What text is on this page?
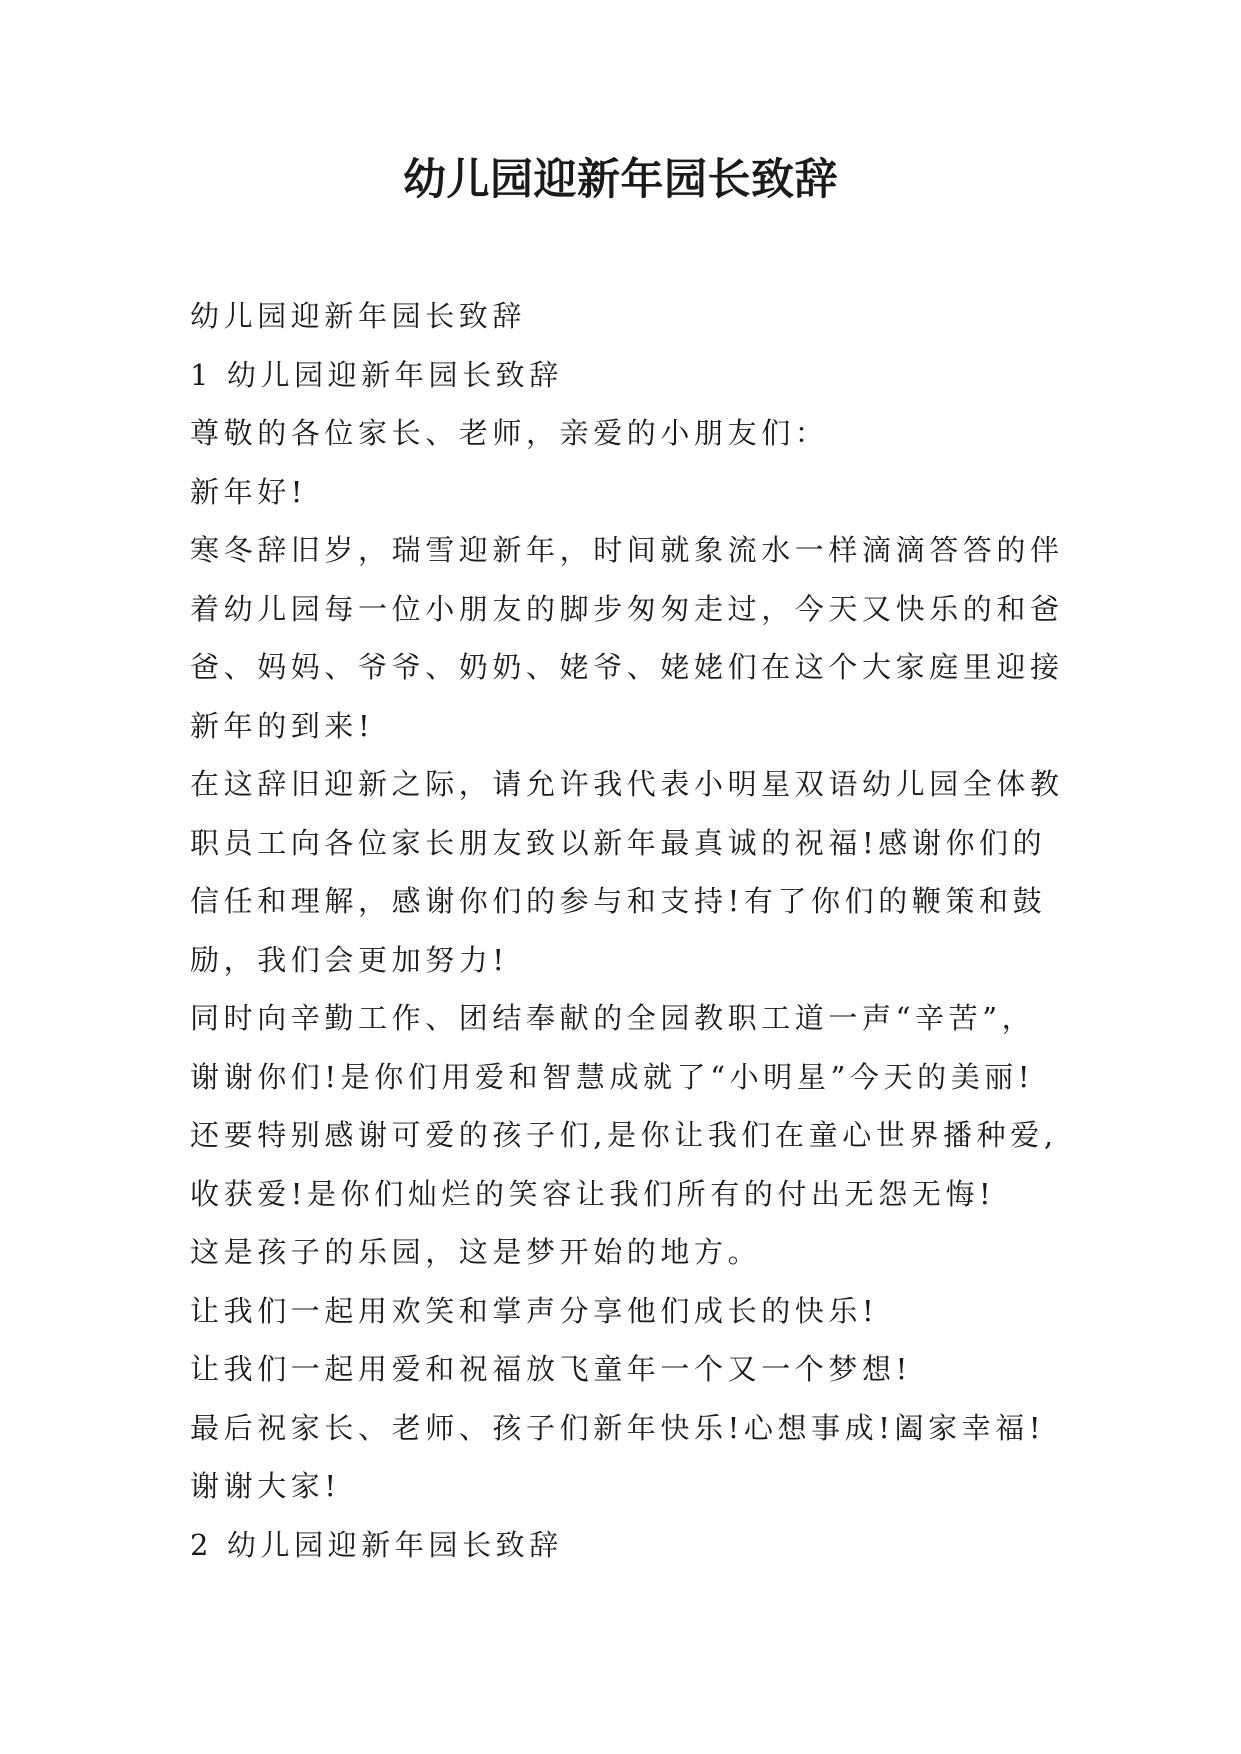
幼儿园迎新年园长致辞
幼儿园迎新年园长致辞
1 幼儿园迎新年园长致辞
尊敬的各位家长、老师，亲爱的小朋友们：
新年好!
寒冬辞旧岁，瑞雪迎新年，时间就象流水一样滴滴答答的伴
着幼儿园每一位小朋友的脚步匆匆走过，今天又快乐的和爸
爸、妈妈、爷爷、奶奶、姥爷、姥姥们在这个大家庭里迎接
新年的到来!
在这辞旧迎新之际，请允许我代表小明星双语幼儿园全体教
职员工向各位家长朋友致以新年最真诚的祝福!感谢你们的
信任和理解，感谢你们的参与和支持!有了你们的鞭策和鼓
励，我们会更加努力!
同时向辛勤工作、团结奉献的全园教职工道一声“辛苦”，
谢谢你们!是你们用爱和智慧成就了“小明星”今天的美丽!
还要特别感谢可爱的孩子们,是你让我们在童心世界播种爱,
收获爱!是你们灿烂的笑容让我们所有的付出无怨无悔!
这是孩子的乐园，这是梦开始的地方。
让我们一起用欢笑和掌声分享他们成长的快乐!
让我们一起用爱和祝福放飞童年一个又一个梦想!
最后祝家长、老师、孩子们新年快乐!心想事成!阖家幸福!
谢谢大家!
2 幼儿园迎新年园长致辞
